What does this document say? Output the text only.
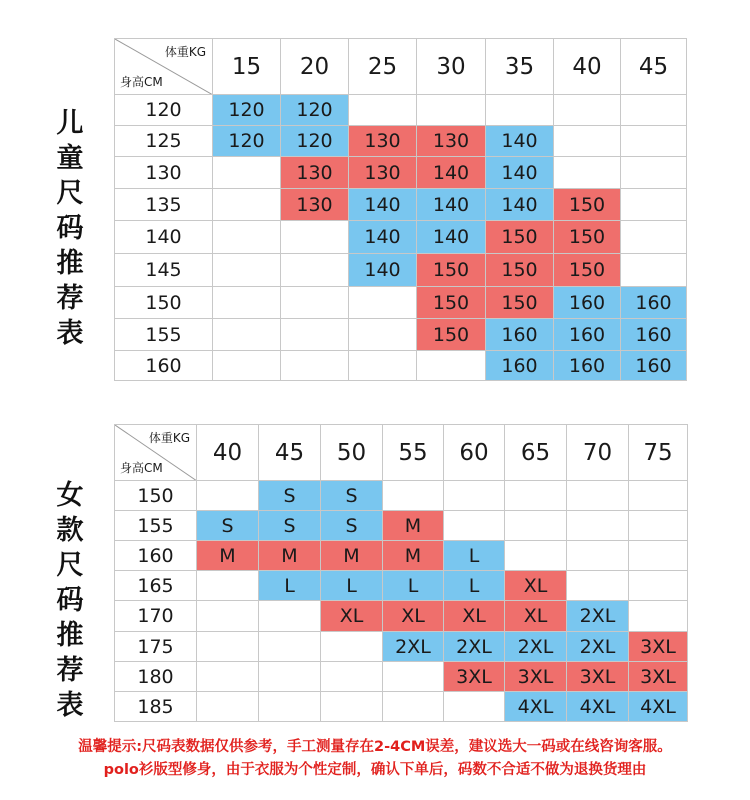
儿童尺码推荐表
体重KG
身高CM	15	20	25	30	35	40	45
120	120	120					
125	120	120	130	130	140		
130		130	130	140	140		
135		130	140	140	140	150	
140			140	140	150	150	
145			140	150	150	150	
150				150	150	160	160
155				150	160	160	160
160					160	160	160
女款尺码推荐表
体重KG
身高CM	40	45	50	55	60	65	70	75
150		S	S					
155	S	S	S	M				
160	M	M	M	M	L			
165		L	L	L	L	XL		
170			XL	XL	XL	XL	2XL	
175				2XL	2XL	2XL	2XL	3XL
180					3XL	3XL	3XL	3XL
185						4XL	4XL	4XL
温馨提示:尺码表数据仅供参考，手工测量存在2-4CM误差，建议选大一码或在线咨询客服。
polo衫版型修身，由于衣服为个性定制，确认下单后，码数不合适不做为退换货理由
